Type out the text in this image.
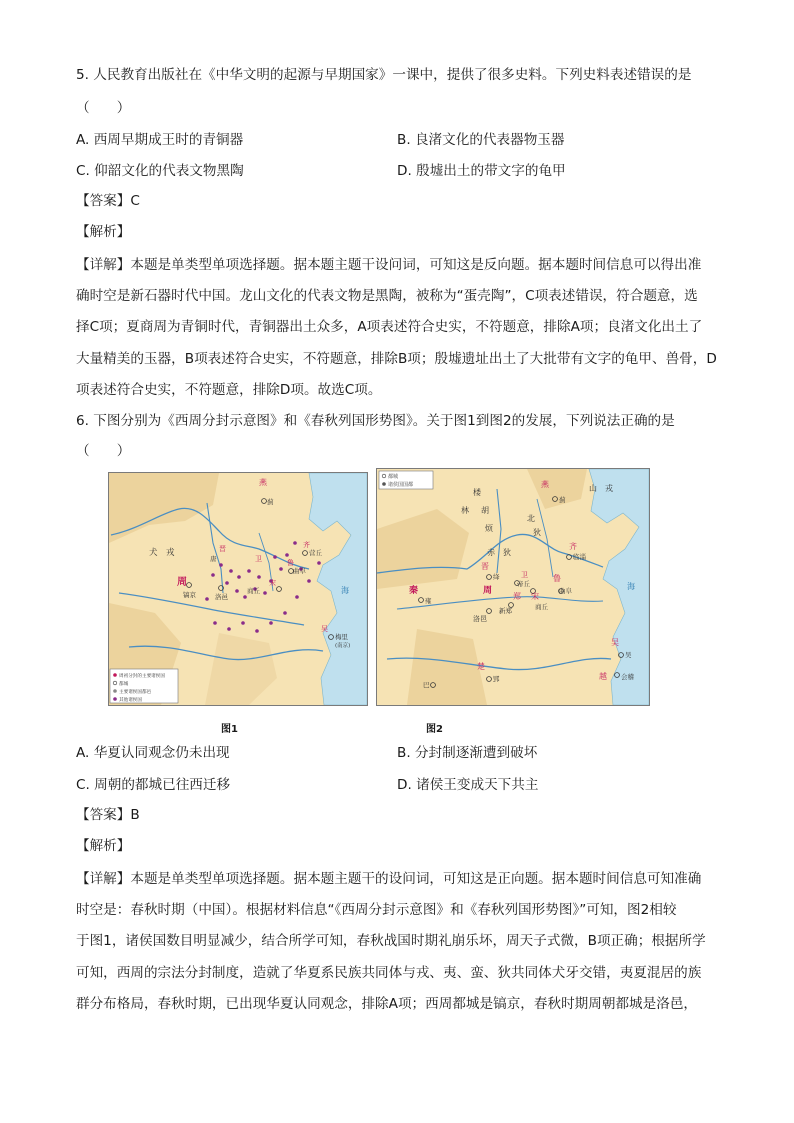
5. 人民教育出版社在《中华文明的起源与早期国家》一课中，提供了很多史料。下列史料表述错误的是
（　　）
A. 西周早期成王时的青铜器	B. 良渚文化的代表器物玉器
C. 仰韶文化的代表文物黑陶	D. 殷墟出土的带文字的龟甲
【答案】C
【解析】
【详解】本题是单类型单项选择题。据本题主题干设问词，可知这是反向题。据本题时间信息可以得出准
确时空是新石器时代中国。龙山文化的代表文物是黑陶，被称为“蛋壳陶”，C项表述错误，符合题意，选
择C项；夏商周为青铜时代，青铜器出土众多，A项表述符合史实，不符题意，排除A项；良渚文化出土了
大量精美的玉器，B项表述符合史实，不符题意，排除B项；殷墟遗址出土了大批带有文字的龟甲、兽骨，D
项表述符合史实，不符题意，排除D项。故选C项。
6. 下图分别为《西周分封示意图》和《春秋列国形势图》。关于图1到图2的发展，下列说法正确的是
（　　）
犬　戎
燕
蓟
周
镐京	洛邑
晋
唐	卫
齐
营丘
鲁
曲阜
宋
商丘
吴
梅里
(南京)
海
周初分封的主要诸侯国
都城
主要诸侯国都邑
其他诸侯国
图1
都城
诸侯国国都	山　戎
楼
林 胡
烦
燕
蓟
北
狄
赤 狄
秦
雍
晋
绛
周
洛邑
卫
帝丘
郑
新郑
宋
商丘
齐
临淄
鲁
曲阜
楚
郢
巴
吴
吴
越 会稽
海
图2
A. 华夏认同观念仍未出现	B. 分封制逐渐遭到破坏
C. 周朝的都城已往西迁移	D. 诸侯王变成天下共主
【答案】B
【解析】
【详解】本题是单类型单项选择题。据本题主题干的设问词，可知这是正向题。据本题时间信息可知准确
时空是：春秋时期（中国）。根据材料信息“《西周分封示意图》和《春秋列国形势图》”可知，图2相较
于图1，诸侯国数目明显减少，结合所学可知，春秋战国时期礼崩乐坏，周天子式微，B项正确；根据所学
可知，西周的宗法分封制度，造就了华夏系民族共同体与戎、夷、蛮、狄共同体犬牙交错，夷夏混居的族
群分布格局，春秋时期，已出现华夏认同观念，排除A项；西周都城是镐京，春秋时期周朝都城是洛邑，
